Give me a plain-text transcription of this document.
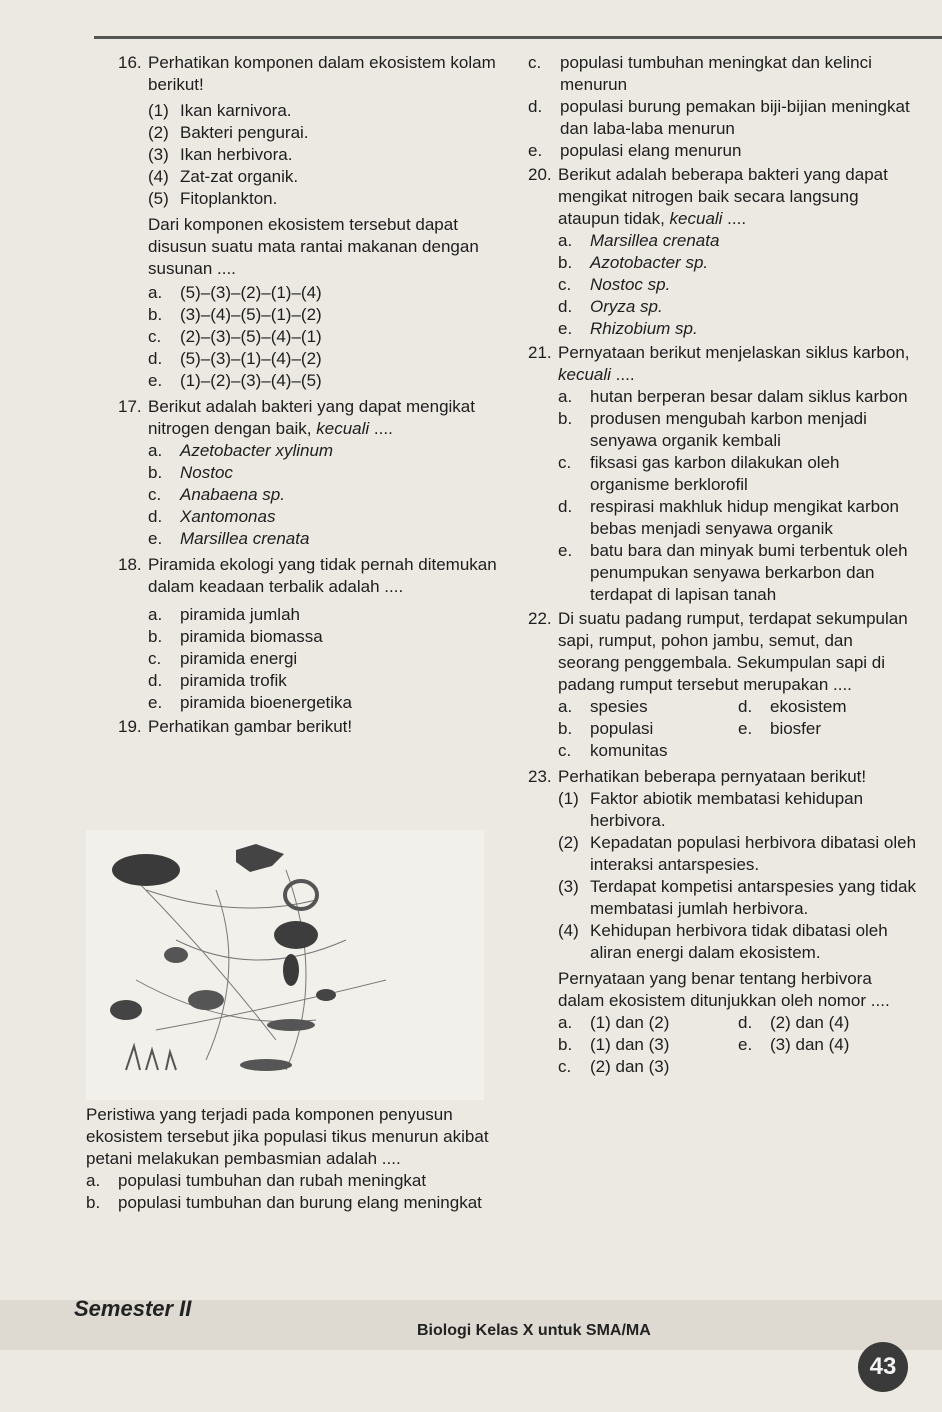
16. Perhatikan komponen dalam ekosistem kolam berikut!
(1) Ikan karnivora.
(2) Bakteri pengurai.
(3) Ikan herbivora.
(4) Zat-zat organik.
(5) Fitoplankton.
Dari komponen ekosistem tersebut dapat disusun suatu mata rantai makanan dengan susunan ....
a.	(5)–(3)–(2)–(1)–(4)
b.	(3)–(4)–(5)–(1)–(2)
c.	(2)–(3)–(5)–(4)–(1)
d.	(5)–(3)–(1)–(4)–(2)
e.	(1)–(2)–(3)–(4)–(5)
17. Berikut adalah bakteri yang dapat mengikat nitrogen dengan baik, kecuali ....
a.	Azetobacter xylinum
b.	Nostoc
c.	Anabaena sp.
d.	Xantomonas
e.	Marsillea crenata
18. Piramida ekologi yang tidak pernah ditemukan dalam keadaan terbalik adalah ....
a.	piramida jumlah
b.	piramida biomassa
c.	piramida energi
d.	piramida trofik
e.	piramida bioenergetika
19. Perhatikan gambar berikut!
Peristiwa yang terjadi pada komponen penyusun ekosistem tersebut jika populasi tikus menurun akibat petani melakukan pembasmian adalah ....
a.	populasi tumbuhan dan rubah meningkat
b.	populasi tumbuhan dan burung elang meningkat
c.	populasi tumbuhan meningkat dan kelinci menurun
d.	populasi burung pemakan biji-bijian meningkat dan laba-laba menurun
e.	populasi elang menurun
20. Berikut adalah beberapa bakteri yang dapat mengikat nitrogen baik secara langsung ataupun tidak, kecuali ....
a.	Marsillea crenata
b.	Azotobacter sp.
c.	Nostoc sp.
d.	Oryza sp.
e.	Rhizobium sp.
21. Pernyataan berikut menjelaskan siklus karbon, kecuali ....
a.	hutan berperan besar dalam siklus karbon
b.	produsen mengubah karbon menjadi senyawa organik kembali
c.	fiksasi gas karbon dilakukan oleh organisme berklorofil
d.	respirasi makhluk hidup mengikat karbon bebas menjadi senyawa organik
e.	batu bara dan minyak bumi terbentuk oleh penumpukan senyawa berkarbon dan terdapat di lapisan tanah
22. Di suatu padang rumput, terdapat sekumpulan sapi, rumput, pohon jambu, semut, dan seorang penggembala. Sekumpulan sapi di padang rumput tersebut merupakan ....
a.	spesies	d.	ekosistem
b.	populasi	e.	biosfer
c.	komunitas
23. Perhatikan beberapa pernyataan berikut!
(1) Faktor abiotik membatasi kehidupan herbivora.
(2) Kepadatan populasi herbivora dibatasi oleh interaksi antarspesies.
(3) Terdapat kompetisi antarspesies yang tidak membatasi jumlah herbivora.
(4) Kehidupan herbivora tidak dibatasi oleh aliran energi dalam ekosistem.
Pernyataan yang benar tentang herbivora dalam ekosistem ditunjukkan oleh nomor ....
a.	(1) dan (2)	d.	(2) dan (4)
b.	(1) dan (3)	e.	(3) dan (4)
c.	(2) dan (3)
Semester II
Biologi Kelas X untuk SMA/MA
43
